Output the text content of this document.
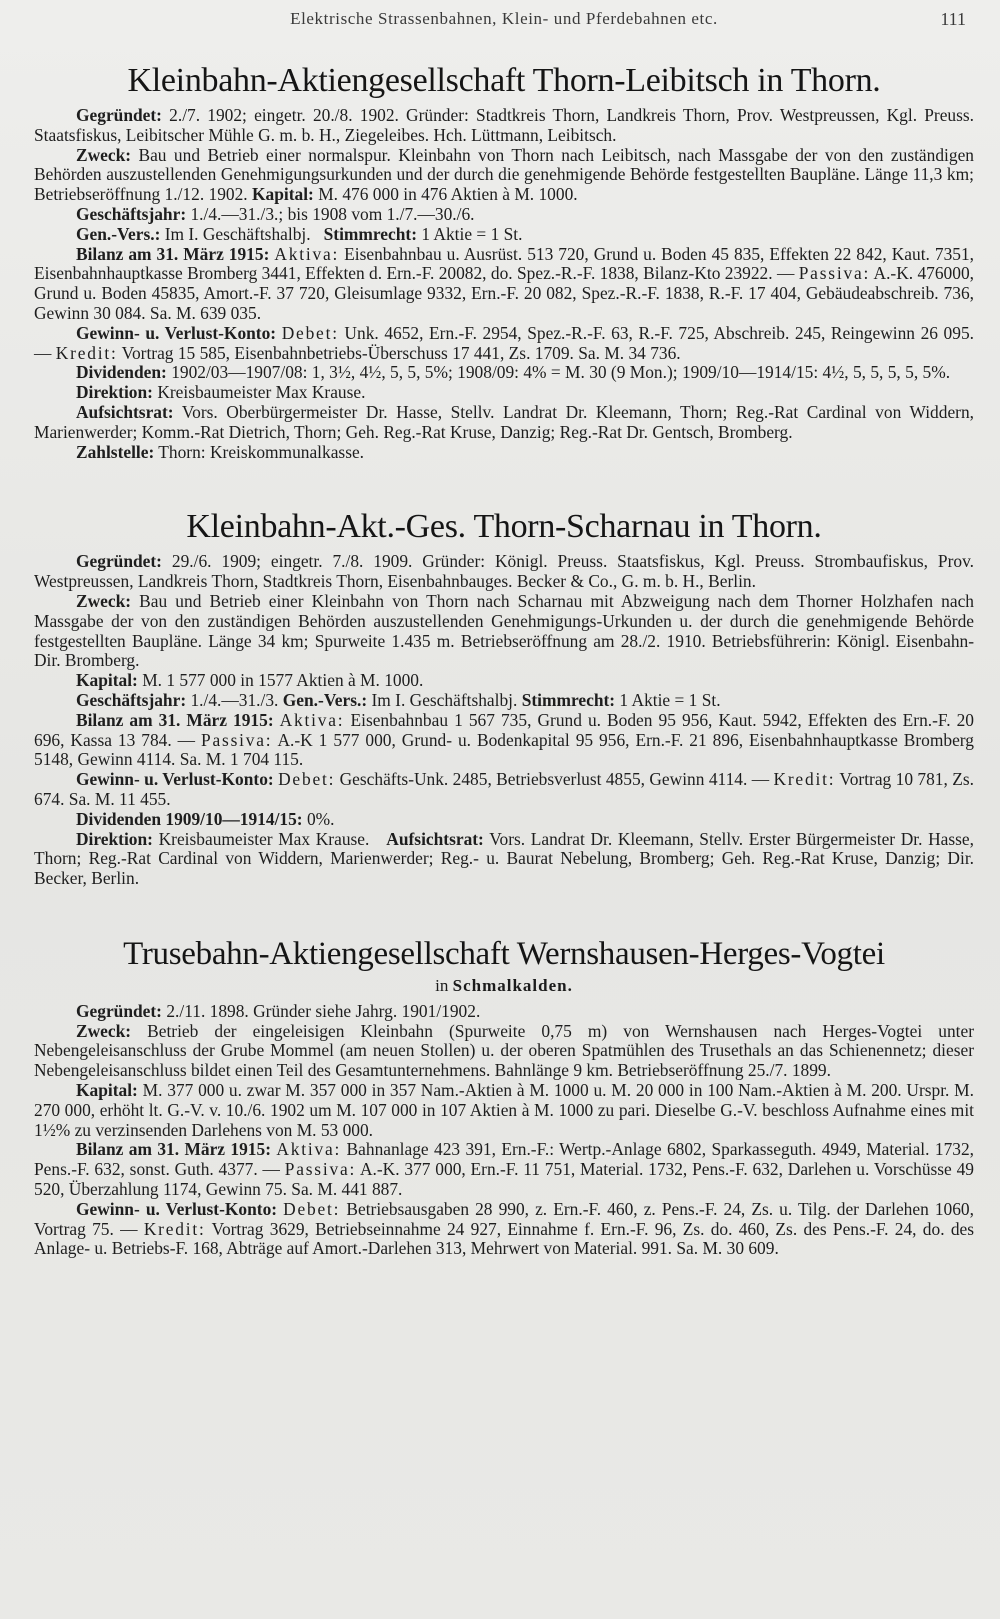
Elektrische Strassenbahnen, Klein- und Pferdebahnen etc.	111
Kleinbahn-Aktiengesellschaft Thorn-Leibitsch in Thorn.

Gegründet: 2./7. 1902; eingetr. 20./8. 1902. Gründer: Stadtkreis Thorn, Landkreis Thorn, Prov. Westpreussen, Kgl. Preuss. Staatsfiskus, Leibitscher Mühle G. m. b. H., Ziegeleibes. Hch. Lüttmann, Leibitsch.

Zweck: Bau und Betrieb einer normalspur. Kleinbahn von Thorn nach Leibitsch, nach Massgabe der von den zuständigen Behörden auszustellenden Genehmigungsurkunden und der durch die genehmigende Behörde festgestellten Baupläne. Länge 11,3 km; Betriebseröffnung 1./12. 1902. Kapital: M. 476 000 in 476 Aktien à M. 1000.

Geschäftsjahr: 1./4.—31./3.; bis 1908 vom 1./7.—30./6.

Gen.-Vers.: Im I. Geschäftshalbj. Stimmrecht: 1 Aktie = 1 St.

Bilanz am 31. März 1915: Aktiva: Eisenbahnbau u. Ausrüst. 513 720, Grund u. Boden 45 835, Effekten 22 842, Kaut. 7351, Eisenbahnhauptkasse Bromberg 3441, Effekten d. Ern.-F. 20082, do. Spez.-R.-F. 1838, Bilanz-Kto 23922. — Passiva: A.-K. 476000, Grund u. Boden 45835, Amort.-F. 37 720, Gleisumlage 9332, Ern.-F. 20 082, Spez.-R.-F. 1838, R.-F. 17 404, Gebäudeabschreib. 736, Gewinn 30 084. Sa. M. 639 035.

Gewinn- u. Verlust-Konto: Debet: Unk. 4652, Ern.-F. 2954, Spez.-R.-F. 63, R.-F. 725, Abschreib. 245, Reingewinn 26 095. — Kredit: Vortrag 15 585, Eisenbahnbetriebs-Überschuss 17 441, Zs. 1709. Sa. M. 34 736.

Dividenden: 1902/03—1907/08: 1, 3½, 4½, 5, 5, 5%; 1908/09: 4% = M. 30 (9 Mon.); 1909/10—1914/15: 4½, 5, 5, 5, 5, 5%.

Direktion: Kreisbaumeister Max Krause.

Aufsichtsrat: Vors. Oberbürgermeister Dr. Hasse, Stellv. Landrat Dr. Kleemann, Thorn; Reg.-Rat Cardinal von Widdern, Marienwerder; Komm.-Rat Dietrich, Thorn; Geh. Reg.-Rat Kruse, Danzig; Reg.-Rat Dr. Gentsch, Bromberg.

Zahlstelle: Thorn: Kreiskommunalkasse.

Kleinbahn-Akt.-Ges. Thorn-Scharnau in Thorn.

Gegründet: 29./6. 1909; eingetr. 7./8. 1909. Gründer: Königl. Preuss. Staatsfiskus, Kgl. Preuss. Strombaufiskus, Prov. Westpreussen, Landkreis Thorn, Stadtkreis Thorn, Eisenbahnbauges. Becker & Co., G. m. b. H., Berlin.

Zweck: Bau und Betrieb einer Kleinbahn von Thorn nach Scharnau mit Abzweigung nach dem Thorner Holzhafen nach Massgabe der von den zuständigen Behörden auszustellenden Genehmigungs-Urkunden u. der durch die genehmigende Behörde festgestellten Baupläne. Länge 34 km; Spurweite 1.435 m. Betriebseröffnung am 28./2. 1910. Betriebsführerin: Königl. Eisenbahn-Dir. Bromberg.

Kapital: M. 1 577 000 in 1577 Aktien à M. 1000.

Geschäftsjahr: 1./4.—31./3. Gen.-Vers.: Im I. Geschäftshalbj. Stimmrecht: 1 Aktie = 1 St.

Bilanz am 31. März 1915: Aktiva: Eisenbahnbau 1 567 735, Grund u. Boden 95 956, Kaut. 5942, Effekten des Ern.-F. 20 696, Kassa 13 784. — Passiva: A.-K 1 577 000, Grund- u. Bodenkapital 95 956, Ern.-F. 21 896, Eisenbahnhauptkasse Bromberg 5148, Gewinn 4114. Sa. M. 1 704 115.

Gewinn- u. Verlust-Konto: Debet: Geschäfts-Unk. 2485, Betriebsverlust 4855, Gewinn 4114. — Kredit: Vortrag 10 781, Zs. 674. Sa. M. 11 455.

Dividenden 1909/10—1914/15: 0%.

Direktion: Kreisbaumeister Max Krause. Aufsichtsrat: Vors. Landrat Dr. Kleemann, Stellv. Erster Bürgermeister Dr. Hasse, Thorn; Reg.-Rat Cardinal von Widdern, Marienwerder; Reg.- u. Baurat Nebelung, Bromberg; Geh. Reg.-Rat Kruse, Danzig; Dir. Becker, Berlin.

Trusebahn-Aktiengesellschaft Wernshausen-Herges-Vogtei
in Schmalkalden.

Gegründet: 2./11. 1898. Gründer siehe Jahrg. 1901/1902.

Zweck: Betrieb der eingeleisigen Kleinbahn (Spurweite 0,75 m) von Wernshausen nach Herges-Vogtei unter Nebengeleisanschluss der Grube Mommel (am neuen Stollen) u. der oberen Spatmühlen des Trusethals an das Schienennetz; dieser Nebengeleisanschluss bildet einen Teil des Gesamtunternehmens. Bahnlänge 9 km. Betriebseröffnung 25./7. 1899.

Kapital: M. 377 000 u. zwar M. 357 000 in 357 Nam.-Aktien à M. 1000 u. M. 20 000 in 100 Nam.-Aktien à M. 200. Urspr. M. 270 000, erhöht lt. G.-V. v. 10./6. 1902 um M. 107 000 in 107 Aktien à M. 1000 zu pari. Dieselbe G.-V. beschloss Aufnahme eines mit 1½% zu verzinsenden Darlehens von M. 53 000.

Bilanz am 31. März 1915: Aktiva: Bahnanlage 423 391, Ern.-F.: Wertp.-Anlage 6802, Sparkasseguth. 4949, Material. 1732, Pens.-F. 632, sonst. Guth. 4377. — Passiva: A.-K. 377 000, Ern.-F. 11 751, Material. 1732, Pens.-F. 632, Darlehen u. Vorschüsse 49 520, Überzahlung 1174, Gewinn 75. Sa. M. 441 887.

Gewinn- u. Verlust-Konto: Debet: Betriebsausgaben 28 990, z. Ern.-F. 460, z. Pens.-F. 24, Zs. u. Tilg. der Darlehen 1060, Vortrag 75. — Kredit: Vortrag 3629, Betriebseinnahme 24 927, Einnahme f. Ern.-F. 96, Zs. do. 460, Zs. des Pens.-F. 24, do. des Anlage- u. Betriebs-F. 168, Abträge auf Amort.-Darlehen 313, Mehrwert von Material. 991. Sa. M. 30 609.
